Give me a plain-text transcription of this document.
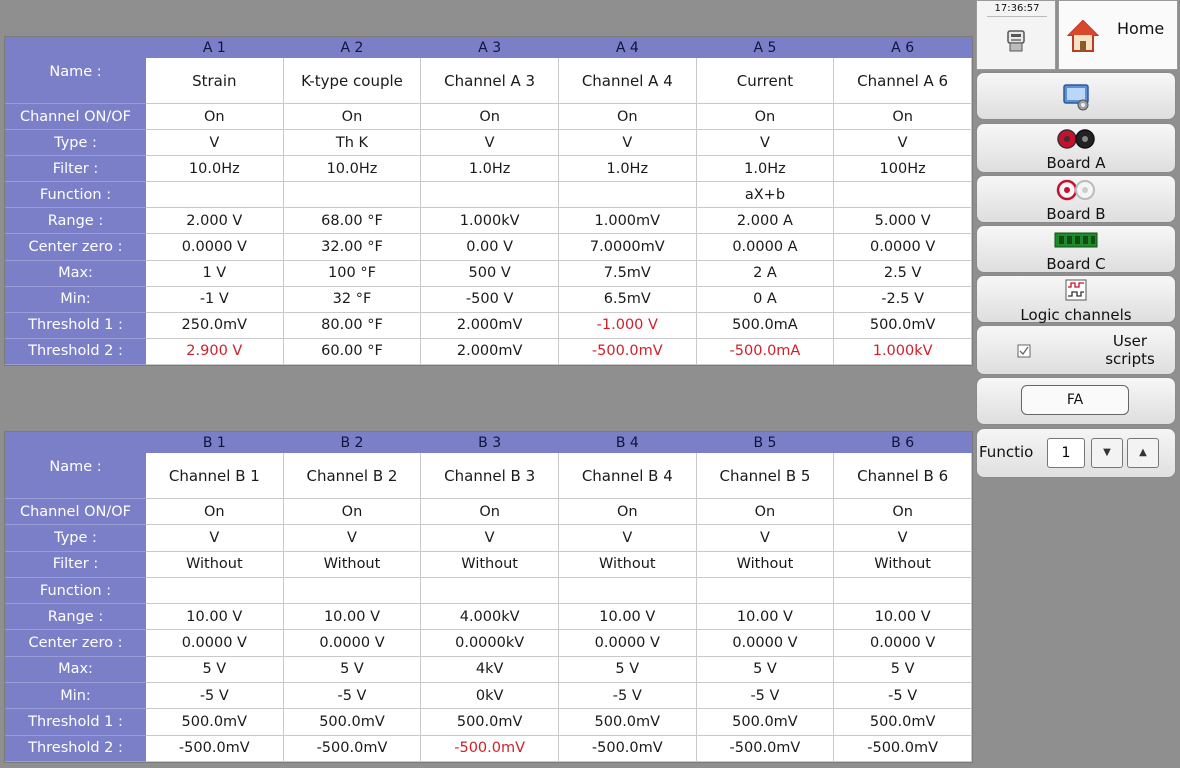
	A 1	A 2	A 3	A 4	A 5	A 6
Name :	Strain	K-type couple	Channel A 3	Channel A 4	Current	Channel A 6
Channel ON/OF	On	On	On	On	On	On
Type :	V	Th K	V	V	V	V
Filter :	10.0Hz	10.0Hz	1.0Hz	1.0Hz	1.0Hz	100Hz
Function :					aX+b	
Range :	2.000 V	68.00 °F	1.000kV	1.000mV	2.000 A	5.000 V
Center zero :	0.0000 V	32.00 °F	0.00 V	7.0000mV	0.0000 A	0.0000 V
Max:	1 V	100 °F	500 V	7.5mV	2 A	2.5 V
Min:	-1 V	32 °F	-500 V	6.5mV	0 A	-2.5 V
Threshold 1 :	250.0mV	80.00 °F	2.000mV	-1.000 V	500.0mA	500.0mV
Threshold 2 :	2.900 V	60.00 °F	2.000mV	-500.0mV	-500.0mA	1.000kV
	B 1	B 2	B 3	B 4	B 5	B 6
Name :	Channel B 1	Channel B 2	Channel B 3	Channel B 4	Channel B 5	Channel B 6
Channel ON/OF	On	On	On	On	On	On
Type :	V	V	V	V	V	V
Filter :	Without	Without	Without	Without	Without	Without
Function :						
Range :	10.00 V	10.00 V	4.000kV	10.00 V	10.00 V	10.00 V
Center zero :	0.0000 V	0.0000 V	0.0000kV	0.0000 V	0.0000 V	0.0000 V
Max:	5 V	5 V	4kV	5 V	5 V	5 V
Min:	-5 V	-5 V	0kV	-5 V	-5 V	-5 V
Threshold 1 :	500.0mV	500.0mV	500.0mV	500.0mV	500.0mV	500.0mV
Threshold 2 :	-500.0mV	-500.0mV	-500.0mV	-500.0mV	-500.0mV	-500.0mV
17:36:57
Home
Board A
Board B
Board C
Logic channels
User scripts
FA
Functio	1	▼	▲
